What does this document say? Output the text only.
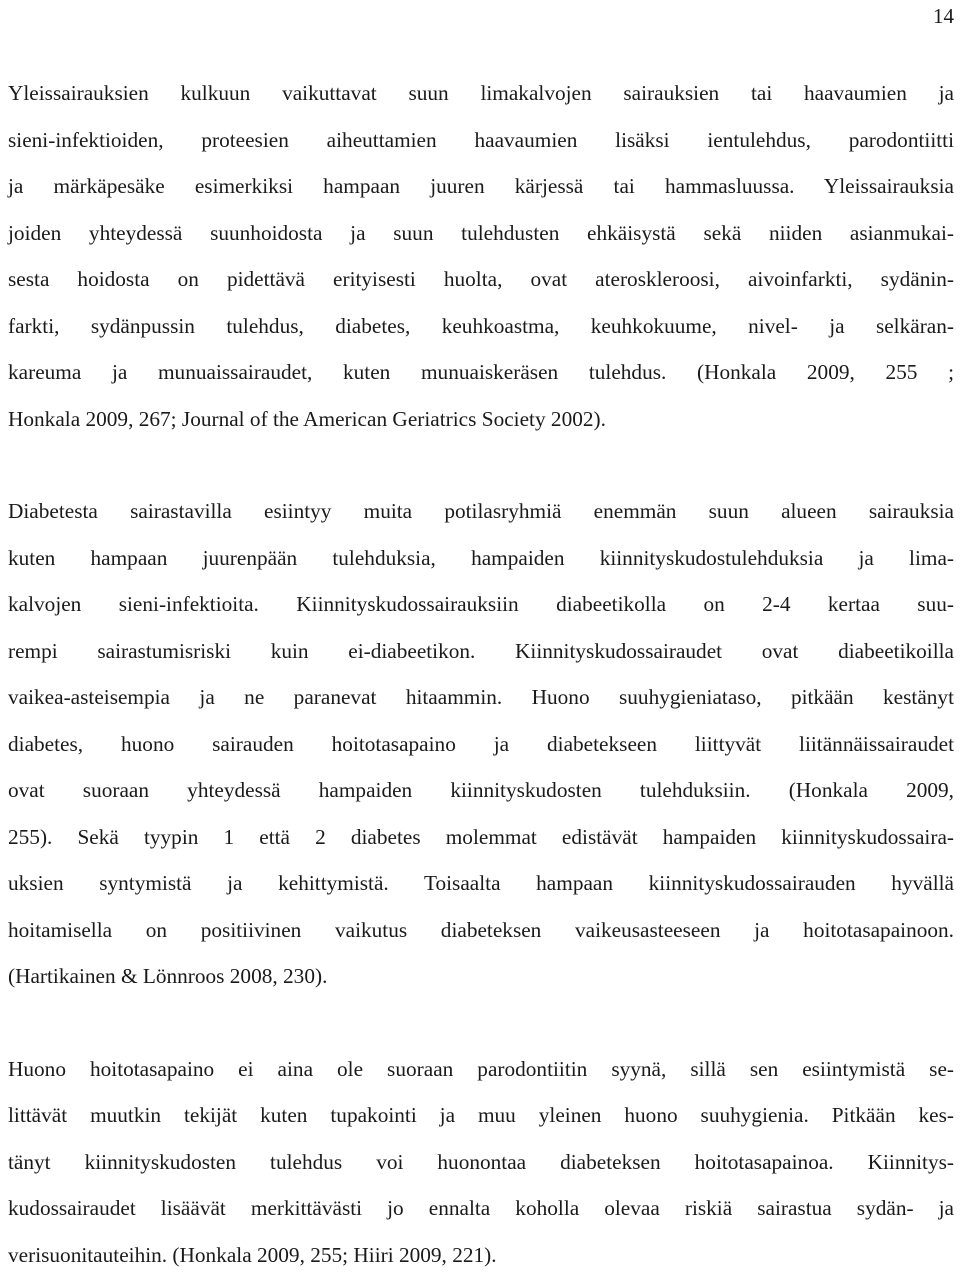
14

Yleissairauksien kulkuun vaikuttavat suun limakalvojen sairauksien tai haavaumien ja
sieni-infektioiden, proteesien aiheuttamien haavaumien lisäksi ientulehdus, parodontiitti
ja märkäpesäke esimerkiksi hampaan juuren kärjessä tai hammasluussa. Yleissairauksia
joiden yhteydessä suunhoidosta ja suun tulehdusten ehkäisystä sekä niiden asianmukai-
sesta hoidosta on pidettävä erityisesti huolta, ovat ateroskleroosi, aivoinfarkti, sydänin-
farkti, sydänpussin tulehdus, diabetes, keuhkoastma, keuhkokuume, nivel- ja selkäran-
kareuma ja munuaissairaudet, kuten munuaiskeräsen tulehdus. (Honkala 2009, 255 ;
Honkala 2009, 267; Journal of the American Geriatrics Society 2002).

Diabetesta sairastavilla esiintyy muita potilasryhmiä enemmän suun alueen sairauksia
kuten hampaan juurenpään tulehduksia, hampaiden kiinnityskudostulehduksia ja lima-
kalvojen sieni-infektioita. Kiinnityskudossairauksiin diabeetikolla on 2-4 kertaa suu-
rempi sairastumisriski kuin ei-diabeetikon. Kiinnityskudossairaudet ovat diabeetikoilla
vaikea-asteisempia ja ne paranevat hitaammin. Huono suuhygieniataso, pitkään kestänyt
diabetes, huono sairauden hoitotasapaino ja diabetekseen liittyvät liitännäissairaudet
ovat suoraan yhteydessä hampaiden kiinnityskudosten tulehduksiin. (Honkala 2009,
255). Sekä tyypin 1 että 2 diabetes molemmat edistävät hampaiden kiinnityskudossaira-
uksien syntymistä ja kehittymistä. Toisaalta hampaan kiinnityskudossairauden hyvällä
hoitamisella on positiivinen vaikutus diabeteksen vaikeusasteeseen ja hoitotasapainoon.
(Hartikainen & Lönnroos 2008, 230).

Huono hoitotasapaino ei aina ole suoraan parodontiitin syynä, sillä sen esiintymistä se-
littävät muutkin tekijät kuten tupakointi ja muu yleinen huono suuhygienia. Pitkään kes-
tänyt kiinnityskudosten tulehdus voi huonontaa diabeteksen hoitotasapainoa. Kiinnitys-
kudossairaudet lisäävät merkittävästi jo ennalta koholla olevaa riskiä sairastua sydän- ja
verisuonitauteihin. (Honkala 2009, 255; Hiiri 2009, 221).
